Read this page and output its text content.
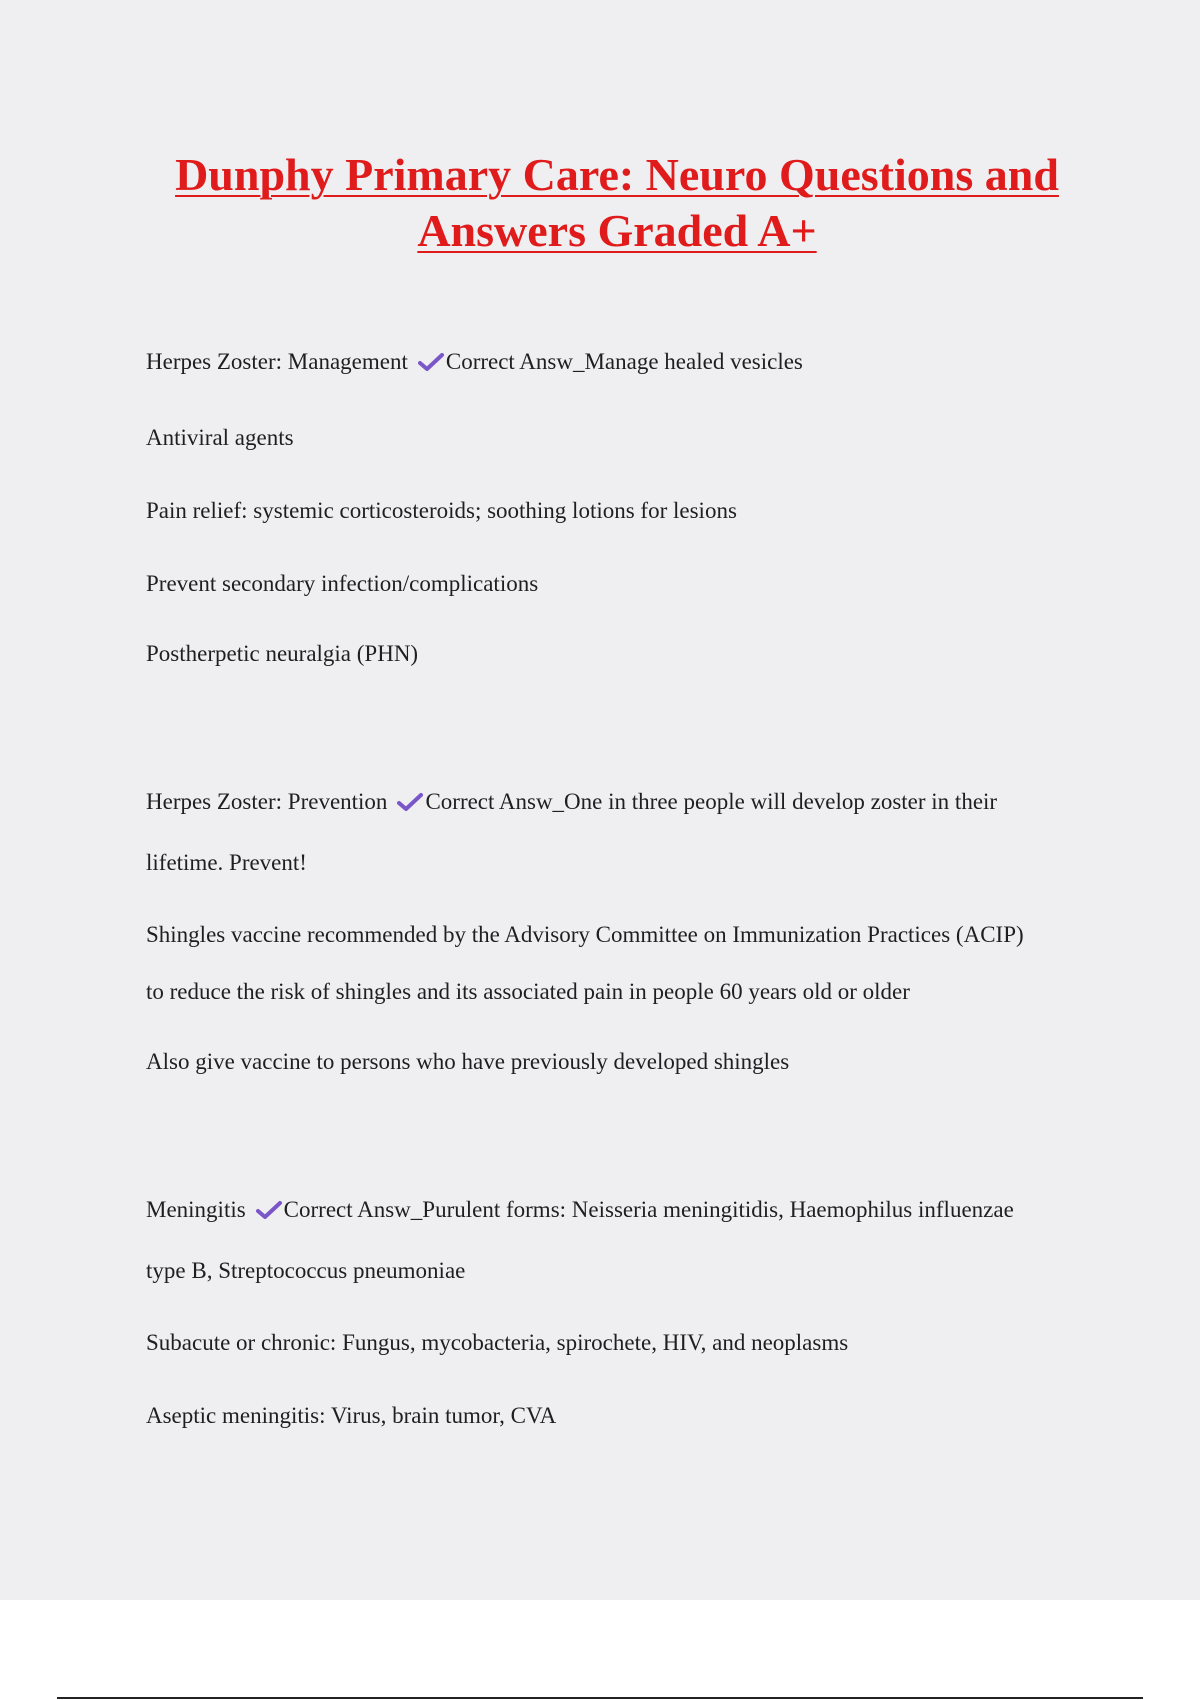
Dunphy Primary Care: Neuro Questions and
Answers Graded A+

Herpes Zoster: Management Correct Answ_Manage healed vesicles

Antiviral agents

Pain relief: systemic corticosteroids; soothing lotions for lesions

Prevent secondary infection/complications

Postherpetic neuralgia (PHN)

Herpes Zoster: Prevention Correct Answ_One in three people will develop zoster in their

lifetime. Prevent!

Shingles vaccine recommended by the Advisory Committee on Immunization Practices (ACIP)

to reduce the risk of shingles and its associated pain in people 60 years old or older

Also give vaccine to persons who have previously developed shingles

Meningitis Correct Answ_Purulent forms: Neisseria meningitidis, Haemophilus influenzae

type B, Streptococcus pneumoniae

Subacute or chronic: Fungus, mycobacteria, spirochete, HIV, and neoplasms

Aseptic meningitis: Virus, brain tumor, CVA
